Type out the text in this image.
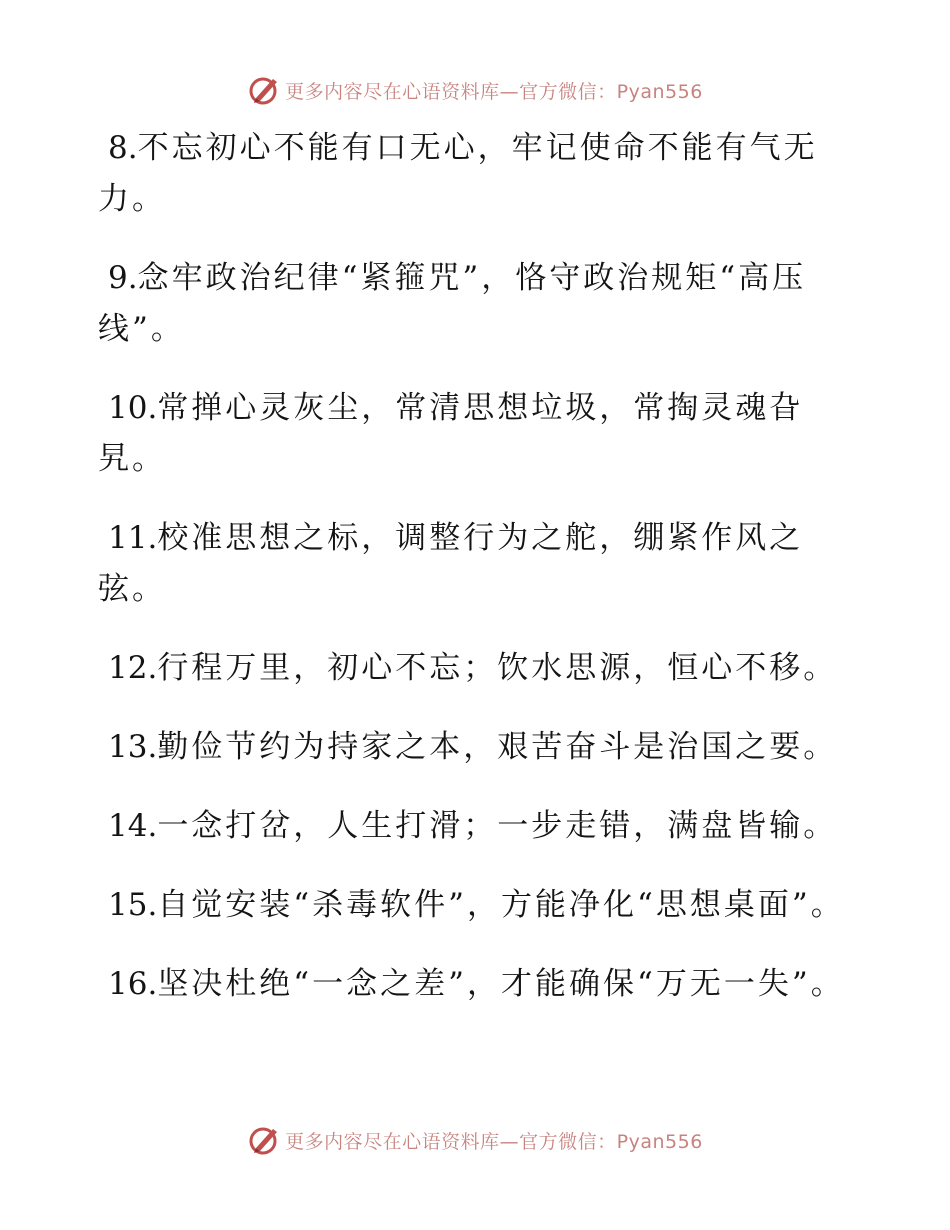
更多内容尽在心语资料库—官方微信：Pyan556

8.不忘初心不能有口无心，牢记使命不能有气无力。

9.念牢政治纪律“紧箍咒”，恪守政治规矩“高压线”。

10.常掸心灵灰尘，常清思想垃圾，常掏灵魂旮旯。

11.校准思想之标，调整行为之舵，绷紧作风之弦。

12.行程万里，初心不忘；饮水思源，恒心不移。

13.勤俭节约为持家之本，艰苦奋斗是治国之要。

14.一念打岔，人生打滑；一步走错，满盘皆输。

15.自觉安装“杀毒软件”，方能净化“思想桌面”。

16.坚决杜绝“一念之差”，才能确保“万无一失”。

更多内容尽在心语资料库—官方微信：Pyan556
